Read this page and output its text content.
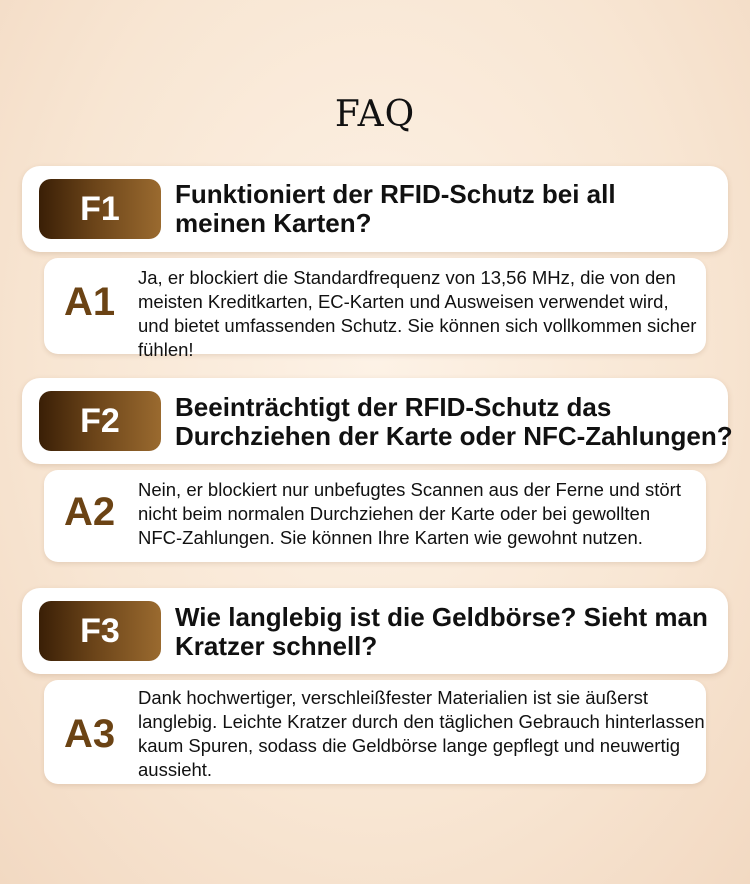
FAQ
F1	Funktioniert der RFID-Schutz bei all
meinen Karten?
A1
Ja, er blockiert die Standardfrequenz von 13,56 MHz, die von den
meisten Kreditkarten, EC-Karten und Ausweisen verwendet wird,
und bietet umfassenden Schutz. Sie können sich vollkommen sicher
fühlen!
F2	Beeinträchtigt der RFID-Schutz das
Durchziehen der Karte oder NFC-Zahlungen?
A2
Nein, er blockiert nur unbefugtes Scannen aus der Ferne und stört
nicht beim normalen Durchziehen der Karte oder bei gewollten
NFC-Zahlungen. Sie können Ihre Karten wie gewohnt nutzen.
F3	Wie langlebig ist die Geldbörse? Sieht man
Kratzer schnell?
A3
Dank hochwertiger, verschleißfester Materialien ist sie äußerst
langlebig. Leichte Kratzer durch den täglichen Gebrauch hinterlassen
kaum Spuren, sodass die Geldbörse lange gepflegt und neuwertig
aussieht.
